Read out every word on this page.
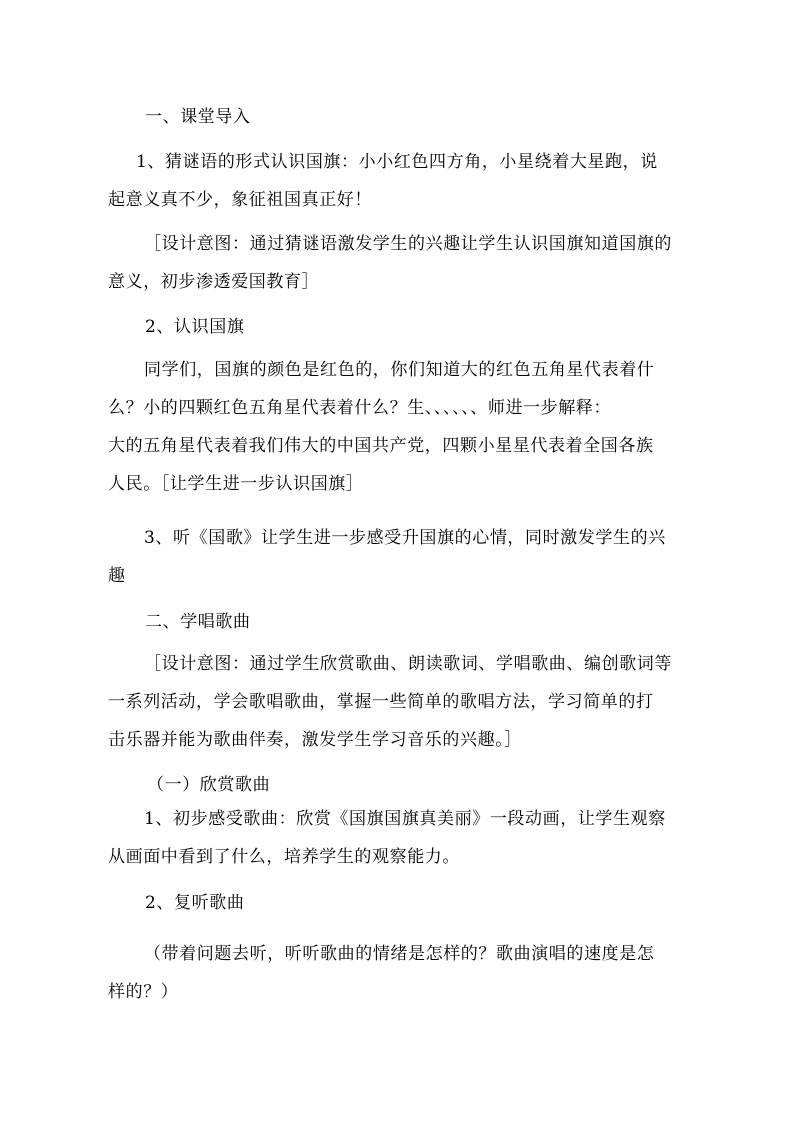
一、课堂导入
1、猜谜语的形式认识国旗：小小红色四方角，小星绕着大星跑，说
起意义真不少，象征祖国真正好！
［设计意图：通过猜谜语激发学生的兴趣让学生认识国旗知道国旗的
意义，初步渗透爱国教育］
2、认识国旗
同学们，国旗的颜色是红色的，你们知道大的红色五角星代表着什
么？小的四颗红色五角星代表着什么？生、、、、、、师进一步解释：
大的五角星代表着我们伟大的中国共产党，四颗小星星代表着全国各族
人民。［让学生进一步认识国旗］
3、听《国歌》让学生进一步感受升国旗的心情，同时激发学生的兴
趣
二、学唱歌曲
［设计意图：通过学生欣赏歌曲、朗读歌词、学唱歌曲、编创歌词等
一系列活动，学会歌唱歌曲，掌握一些简单的歌唱方法，学习简单的打
击乐器并能为歌曲伴奏，激发学生学习音乐的兴趣。］
（一）欣赏歌曲
1、初步感受歌曲：欣赏《国旗国旗真美丽》一段动画，让学生观察
从画面中看到了什么，培养学生的观察能力。
2、复听歌曲
（带着问题去听，听听歌曲的情绪是怎样的？歌曲演唱的速度是怎
样的？）
